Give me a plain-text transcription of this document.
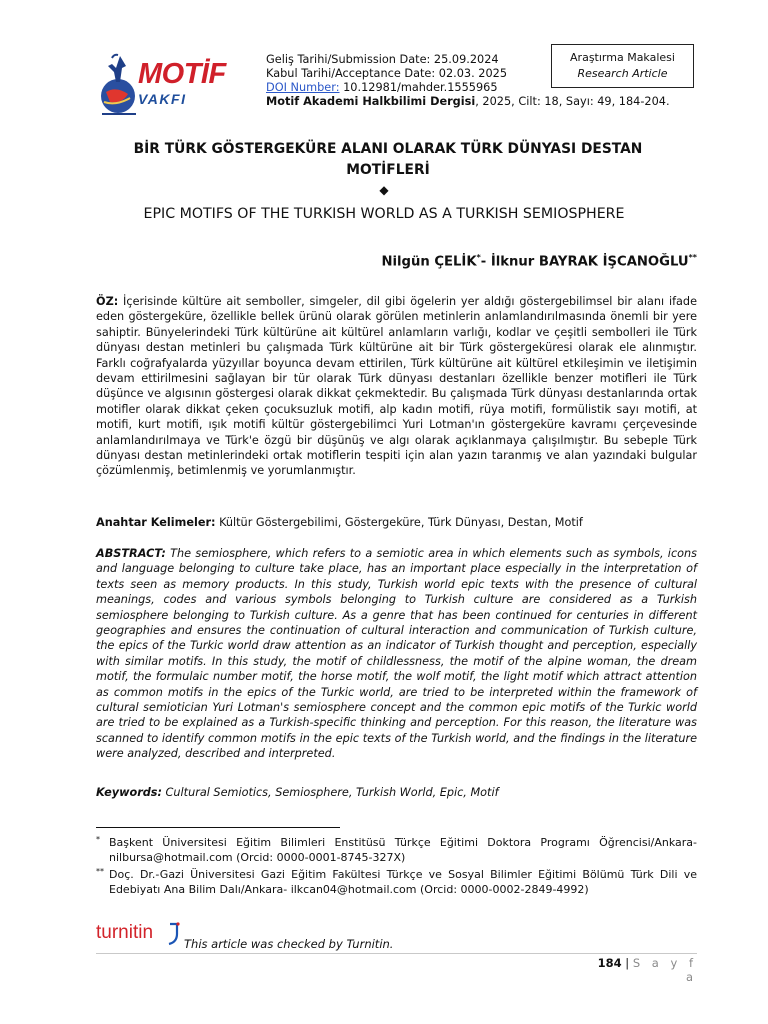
MOTİF
VAKFI
Geliş Tarihi/Submission Date: 25.09.2024
Kabul Tarihi/Acceptance Date: 02.03. 2025
DOI Number: 10.12981/mahder.1555965
Motif Akademi Halkbilimi Dergisi, 2025, Cilt: 18, Sayı: 49, 184-204.
Araştırma Makalesi
Research Article
BİR TÜRK GÖSTERGEKÜRE ALANI OLARAK TÜRK DÜNYASI DESTAN MOTİFLERİ
◆
EPIC MOTIFS OF THE TURKISH WORLD AS A TURKISH SEMIOSPHERE
Nilgün ÇELİK*- İlknur BAYRAK İŞCANOĞLU**
ÖZ: İçerisinde kültüre ait semboller, simgeler, dil gibi ögelerin yer aldığı göstergebilimsel bir alanı ifade eden göstergeküre, özellikle bellek ürünü olarak görülen metinlerin anlamlandırılmasında önemli bir yere sahiptir. Bünyelerindeki Türk kültürüne ait kültürel anlamların varlığı, kodlar ve çeşitli sembolleri ile Türk dünyası destan metinleri bu çalışmada Türk kültürüne ait bir Türk göstergeküresi olarak ele alınmıştır. Farklı coğrafyalarda yüzyıllar boyunca devam ettirilen, Türk kültürüne ait kültürel etkileşimin ve iletişimin devam ettirilmesini sağlayan bir tür olarak Türk dünyası destanları özellikle benzer motifleri ile Türk düşünce ve algısının göstergesi olarak dikkat çekmektedir. Bu çalışmada Türk dünyası destanlarında ortak motifler olarak dikkat çeken çocuksuzluk motifi, alp kadın motifi, rüya motifi, formülistik sayı motifi, at motifi, kurt motifi, ışık motifi kültür göstergebilimci Yuri Lotman'ın göstergeküre kavramı çerçevesinde anlamlandırılmaya ve Türk'e özgü bir düşünüş ve algı olarak açıklanmaya çalışılmıştır. Bu sebeple Türk dünyası destan metinlerindeki ortak motiflerin tespiti için alan yazın taranmış ve alan yazındaki bulgular çözümlenmiş, betimlenmiş ve yorumlanmıştır.
Anahtar Kelimeler: Kültür Göstergebilimi, Göstergeküre, Türk Dünyası, Destan, Motif
ABSTRACT: The semiosphere, which refers to a semiotic area in which elements such as symbols, icons and language belonging to culture take place, has an important place especially in the interpretation of texts seen as memory products. In this study, Turkish world epic texts with the presence of cultural meanings, codes and various symbols belonging to Turkish culture are considered as a Turkish semiosphere belonging to Turkish culture. As a genre that has been continued for centuries in different geographies and ensures the continuation of cultural interaction and communication of Turkish culture, the epics of the Turkic world draw attention as an indicator of Turkish thought and perception, especially with similar motifs. In this study, the motif of childlessness, the motif of the alpine woman, the dream motif, the formulaic number motif, the horse motif, the wolf motif, the light motif which attract attention as common motifs in the epics of the Turkic world, are tried to be interpreted within the framework of cultural semiotician Yuri Lotman's semiosphere concept and the common epic motifs of the Turkic world are tried to be explained as a Turkish-specific thinking and perception. For this reason, the literature was scanned to identify common motifs in the epic texts of the Turkish world, and the findings in the literature were analyzed, described and interpreted.
Keywords: Cultural Semiotics, Semiosphere, Turkish World, Epic, Motif
* Başkent Üniversitesi Eğitim Bilimleri Enstitüsü Türkçe Eğitimi Doktora Programı Öğrencisi/Ankara- nilbursa@hotmail.com (Orcid: 0000-0001-8745-327X)
** Doç. Dr.-Gazi Üniversitesi Gazi Eğitim Fakültesi Türkçe ve Sosyal Bilimler Eğitimi Bölümü Türk Dili ve Edebiyatı Ana Bilim Dalı/Ankara- ilkcan04@hotmail.com (Orcid: 0000-0002-2849-4992)
turnitin
This article was checked by Turnitin.
184 | S a y f a
